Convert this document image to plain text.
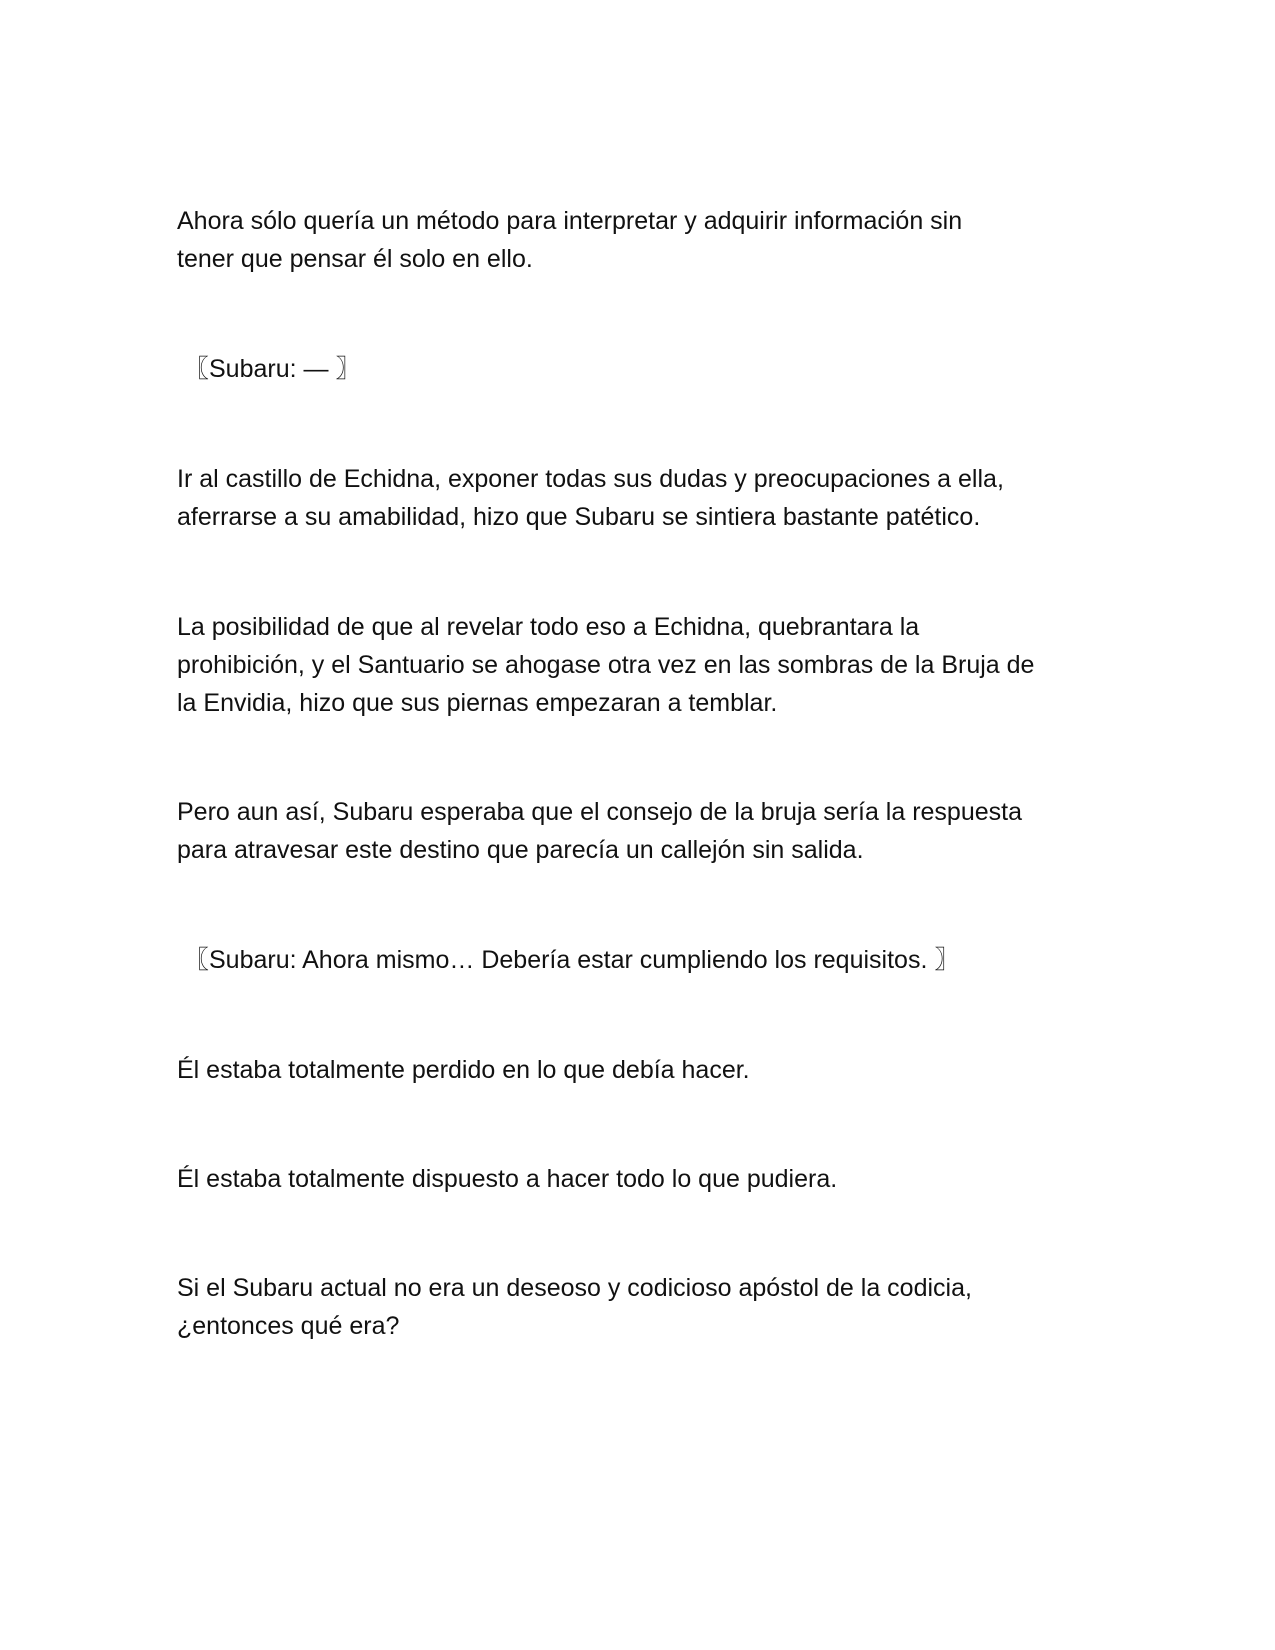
Ahora sólo quería un método para interpretar y adquirir información sin
tener que pensar él solo en ello.

〖Subaru: — 〗

Ir al castillo de Echidna, exponer todas sus dudas y preocupaciones a ella,
aferrarse a su amabilidad, hizo que Subaru se sintiera bastante patético.

La posibilidad de que al revelar todo eso a Echidna, quebrantara la
prohibición, y el Santuario se ahogase otra vez en las sombras de la Bruja de
la Envidia, hizo que sus piernas empezaran a temblar.

Pero aun así, Subaru esperaba que el consejo de la bruja sería la respuesta
para atravesar este destino que parecía un callejón sin salida.

〖Subaru: Ahora mismo… Debería estar cumpliendo los requisitos. 〗

Él estaba totalmente perdido en lo que debía hacer.

Él estaba totalmente dispuesto a hacer todo lo que pudiera.

Si el Subaru actual no era un deseoso y codicioso apóstol de la codicia,
¿entonces qué era?
